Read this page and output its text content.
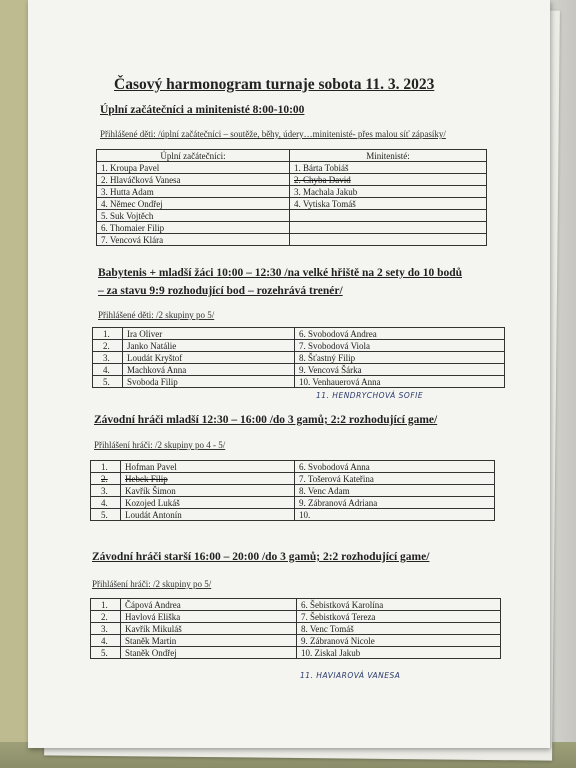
Časový harmonogram turnaje sobota 11. 3. 2023
Úplní začátečníci a minitenisté 8:00-10:00
Přihlášené děti: /úplní začátečníci – soutěže, běhy, údery…minitenisté- přes malou síť zápasíky/
Úplní začátečníci:	Minitenisté:
1. Kroupa Pavel	1. Bárta Tobiáš
2. Hlaváčková Vanesa	2. Chyba David
3. Hutta Adam	3. Machala Jakub
4. Němec Ondřej	4. Vytiska Tomáš
5. Suk Vojtěch	
6. Thomaier Filip	
7. Vencová Klára	
Babytenis + mladší žáci 10:00 – 12:30 /na velké hřiště na 2 sety do 10 bodů
– za stavu 9:9 rozhodující bod – rozehrává trenér/
Přihlášené děti: /2 skupiny po 5/
1.	Ira Oliver	6. Svobodová Andrea
2.	Janko Natálie	7. Svobodová Viola
3.	Loudát Kryštof	8. Šťastný Filip
4.	Machková Anna	9. Vencová Šárka
5.	Svoboda Filip	10. Venhauerová Anna
11. HENDRYCHOVÁ SOFIE
Závodní hráči mladší 12:30 – 16:00 /do 3 gamů; 2:2 rozhodující game/
Přihlášení hráči: /2 skupiny po 4 - 5/
1.	Hofman Pavel	6. Svobodová Anna
2.	Hebek Filip	7. Tošerová Kateřina
3.	Kavřík Šimon	8. Venc Adam
4.	Kozojed Lukáš	9. Zábranová Adriana
5.	Loudát Antonín	10.
Závodní hráči starší 16:00 – 20:00 /do 3 gamů; 2:2 rozhodující game/
Přihlášení hráči: /2 skupiny po 5/
1.	Čápová Andrea	6. Šebistková Karolína
2.	Havlová Eliška	7. Šebistková Tereza
3.	Kavřík Mikuláš	8. Venc Tomáš
4.	Staněk Martin	9. Zábranová Nicole
5.	Staněk Ondřej	10. Ziskal Jakub
11. HAVIAROVÁ VANESA
